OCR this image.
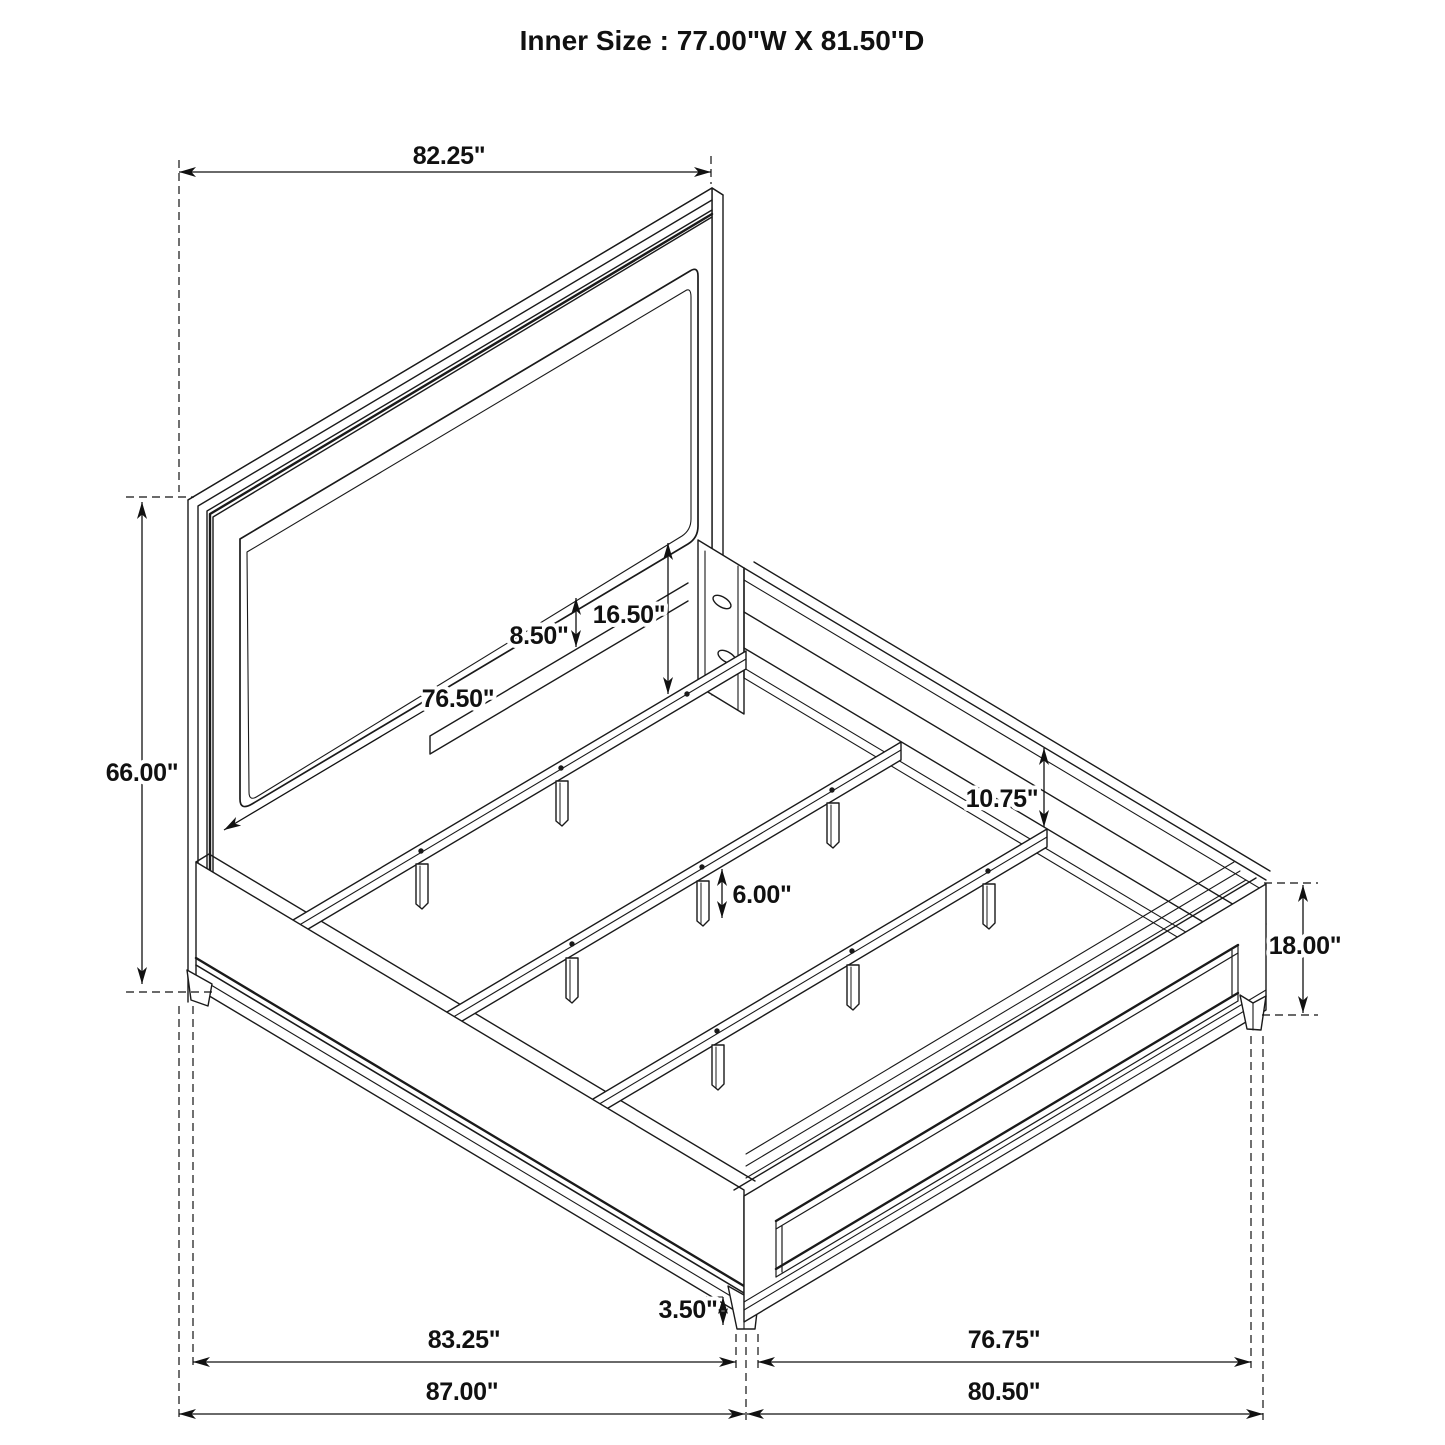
Inner Size : 77.00"W X 81.50''D
82.25"
66.00"
8.50"
16.50"
76.50"
10.75"
6.00"
18.00"
3.50"
83.25"	76.75"
87.00"	80.50"
